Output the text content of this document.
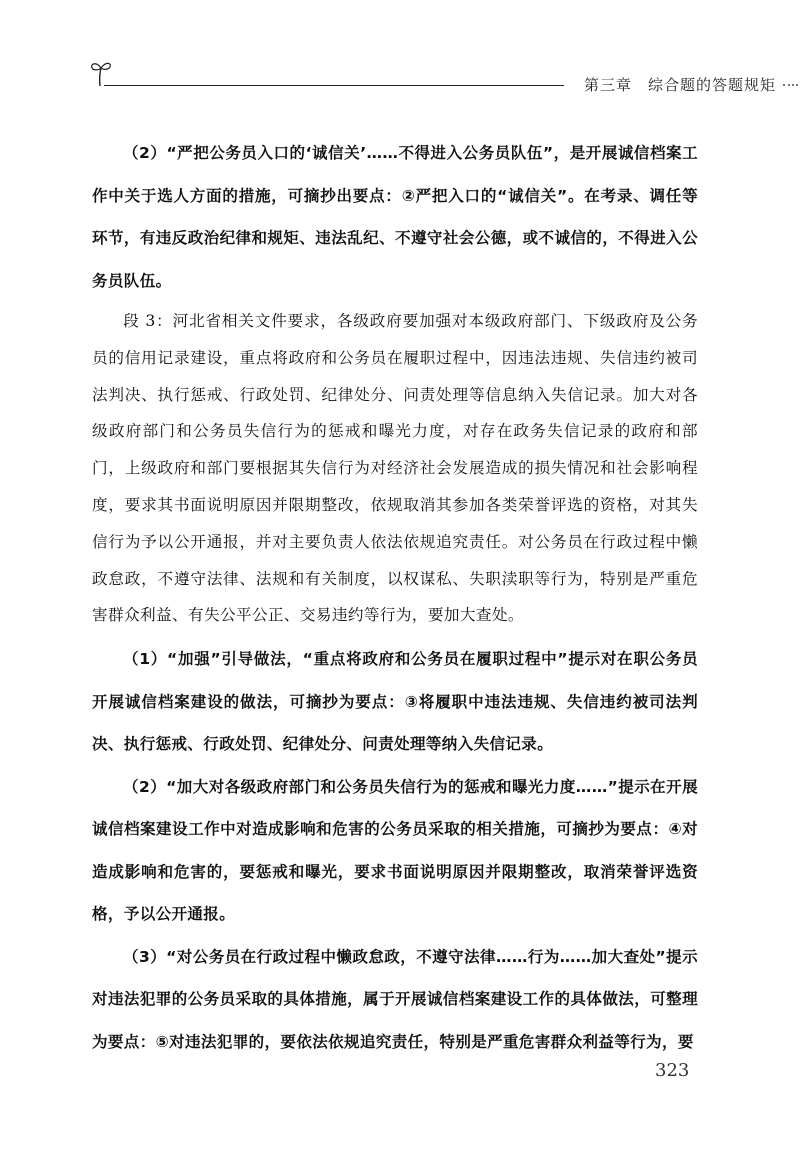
第三章　综合题的答题规矩

（2）“严把公务员入口的‘诚信关’……不得进入公务员队伍”，是开展诚信档案工作中关于选人方面的措施，可摘抄出要点：②严把入口的“诚信关”。在考录、调任等环节，有违反政治纪律和规矩、违法乱纪、不遵守社会公德，或不诚信的，不得进入公务员队伍。

段 3：河北省相关文件要求，各级政府要加强对本级政府部门、下级政府及公务员的信用记录建设，重点将政府和公务员在履职过程中，因违法违规、失信违约被司法判决、执行惩戒、行政处罚、纪律处分、问责处理等信息纳入失信记录。加大对各级政府部门和公务员失信行为的惩戒和曝光力度，对存在政务失信记录的政府和部门，上级政府和部门要根据其失信行为对经济社会发展造成的损失情况和社会影响程度，要求其书面说明原因并限期整改，依规取消其参加各类荣誉评选的资格，对其失信行为予以公开通报，并对主要负责人依法依规追究责任。对公务员在行政过程中懒政怠政，不遵守法律、法规和有关制度，以权谋私、失职渎职等行为，特别是严重危害群众利益、有失公平公正、交易违约等行为，要加大查处。

（1）“加强”引导做法，“重点将政府和公务员在履职过程中”提示对在职公务员开展诚信档案建设的做法，可摘抄为要点：③将履职中违法违规、失信违约被司法判决、执行惩戒、行政处罚、纪律处分、问责处理等纳入失信记录。

（2）“加大对各级政府部门和公务员失信行为的惩戒和曝光力度……”提示在开展诚信档案建设工作中对造成影响和危害的公务员采取的相关措施，可摘抄为要点：④对造成影响和危害的，要惩戒和曝光，要求书面说明原因并限期整改，取消荣誉评选资格，予以公开通报。

（3）“对公务员在行政过程中懒政怠政，不遵守法律……行为……加大查处”提示对违法犯罪的公务员采取的具体措施，属于开展诚信档案建设工作的具体做法，可整理为要点：⑤对违法犯罪的，要依法依规追究责任，特别是严重危害群众利益等行为，要

323
